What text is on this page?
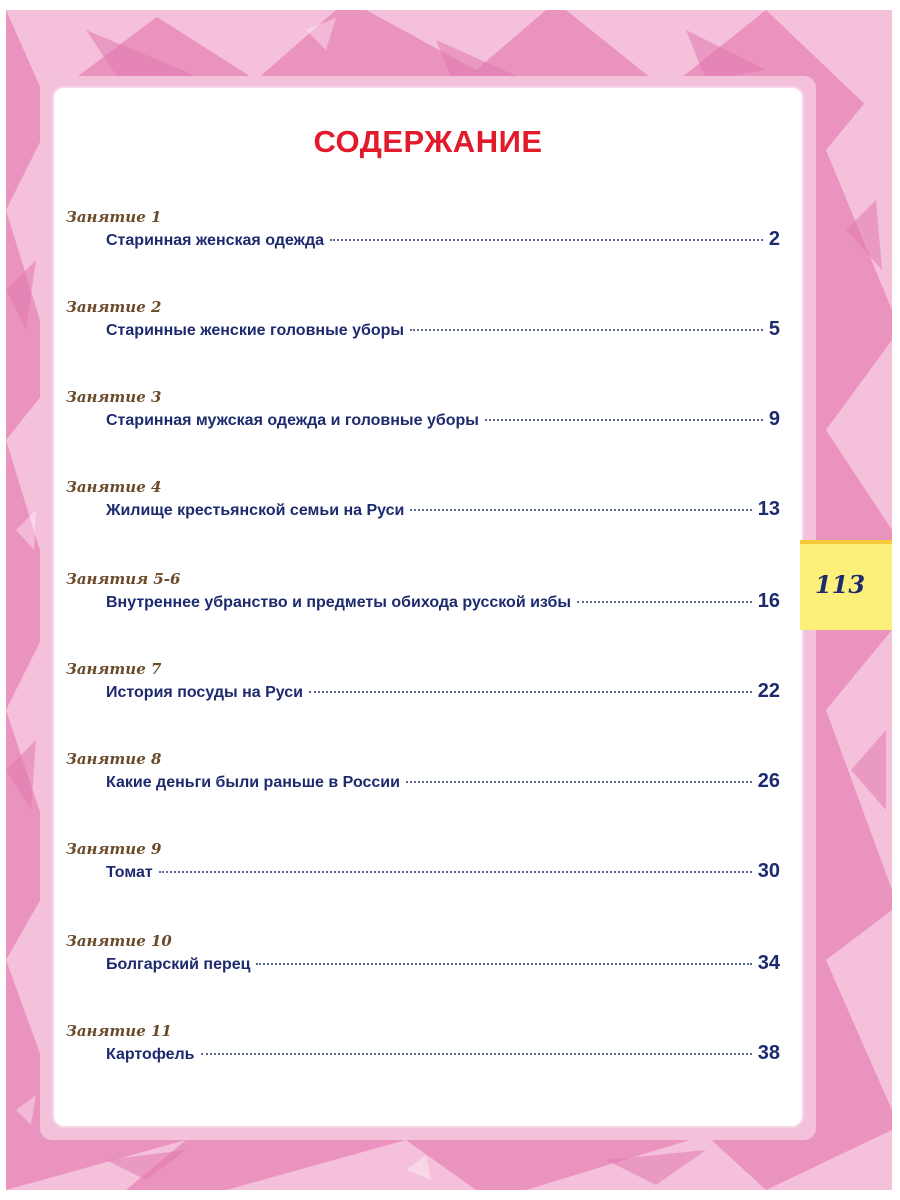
СОДЕРЖАНИЕ
Занятие 1
Старинная женская одежда	2
Занятие 2
Старинные женские головные уборы	5
Занятие 3
Старинная мужская одежда и головные уборы	9
Занятие 4
Жилище крестьянской семьи на Руси	13
Занятия 5-6
Внутреннее убранство и предметы обихода русской избы	16
Занятие 7
История посуды на Руси	22
Занятие 8
Какие деньги были раньше в России	26
Занятие 9
Томат	30
Занятие 10
Болгарский перец	34
Занятие 11
Картофель	38
113
